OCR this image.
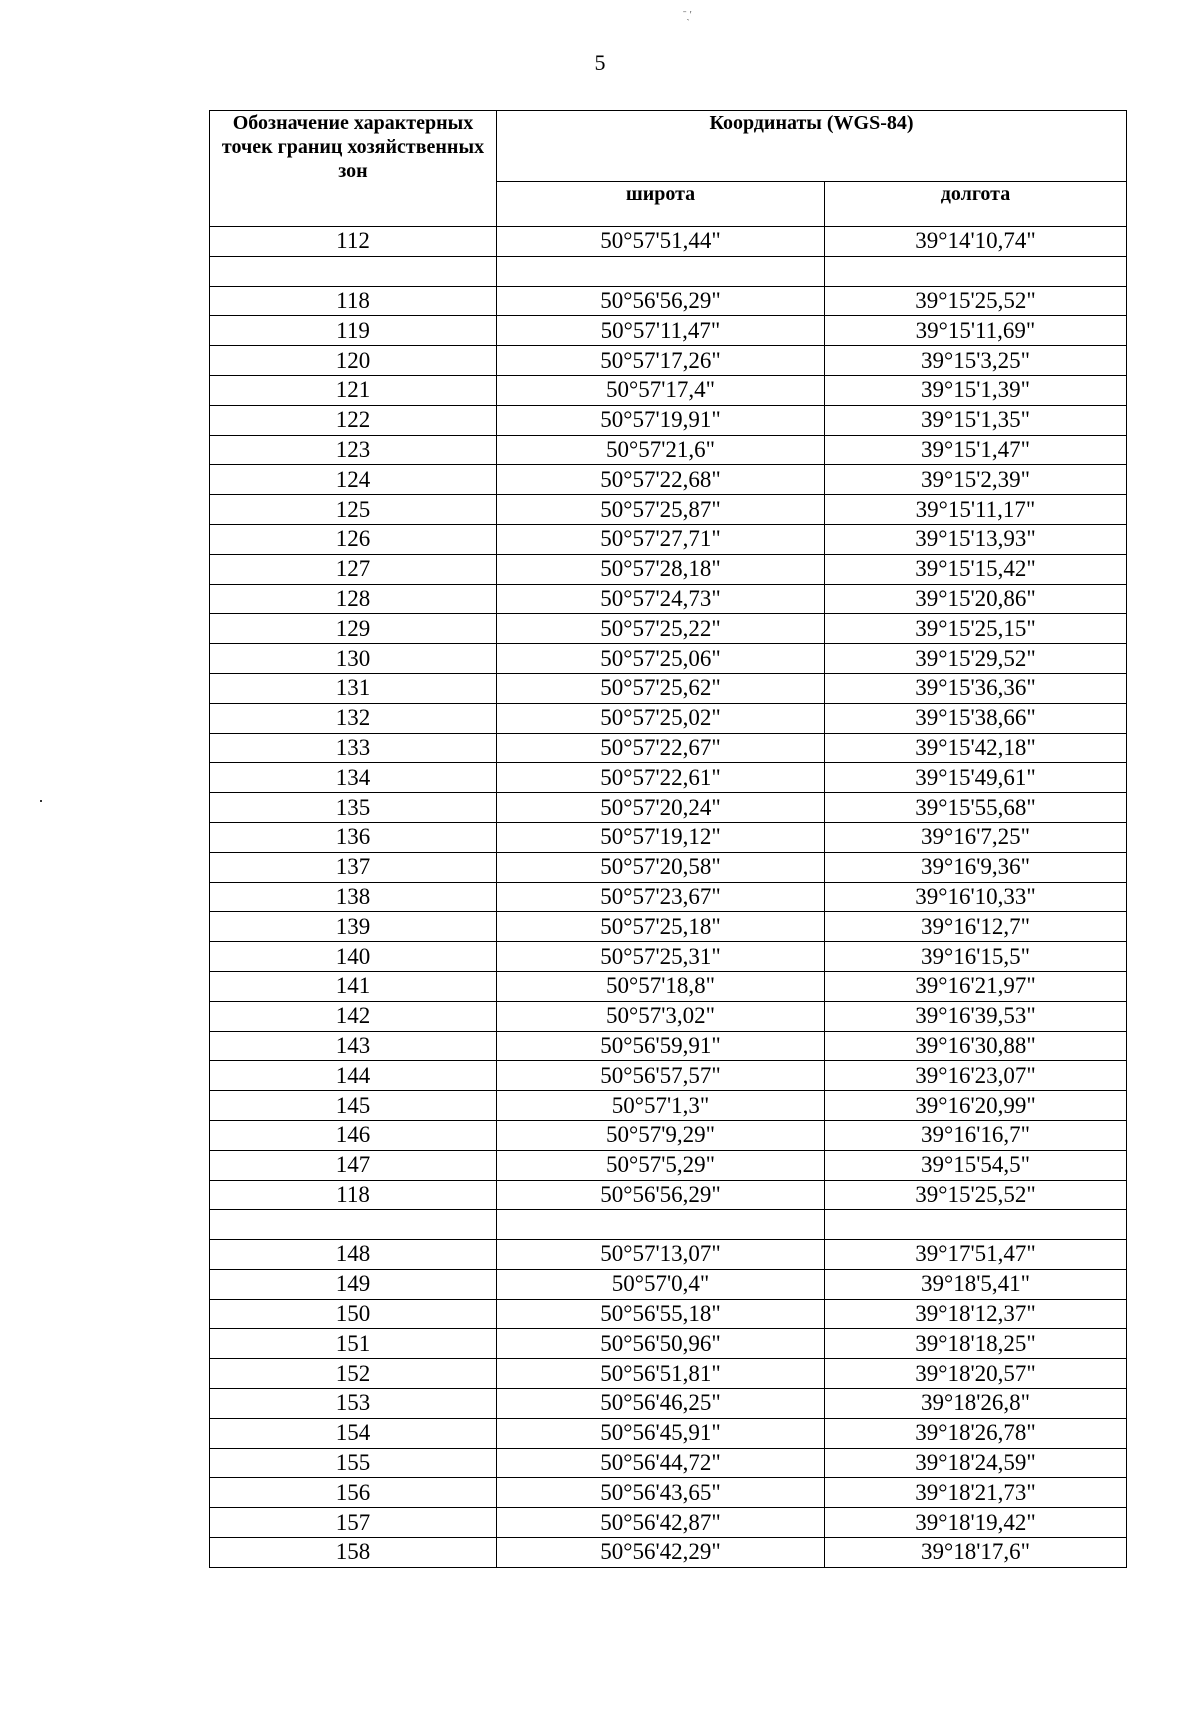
ˉˎ′
5
Обозначение характерных точек границ хозяйственных зон	Координаты (WGS-84)	
	широта	долгота
112	50°57'51,44"	39°14'10,74"

118	50°56'56,29"	39°15'25,52"
119	50°57'11,47"	39°15'11,69"
120	50°57'17,26"	39°15'3,25"
121	50°57'17,4"	39°15'1,39"
122	50°57'19,91"	39°15'1,35"
123	50°57'21,6"	39°15'1,47"
124	50°57'22,68"	39°15'2,39"
125	50°57'25,87"	39°15'11,17"
126	50°57'27,71"	39°15'13,93"
127	50°57'28,18"	39°15'15,42"
128	50°57'24,73"	39°15'20,86"
129	50°57'25,22"	39°15'25,15"
130	50°57'25,06"	39°15'29,52"
131	50°57'25,62"	39°15'36,36"
132	50°57'25,02"	39°15'38,66"
133	50°57'22,67"	39°15'42,18"
134	50°57'22,61"	39°15'49,61"
135	50°57'20,24"	39°15'55,68"
136	50°57'19,12"	39°16'7,25"
137	50°57'20,58"	39°16'9,36"
138	50°57'23,67"	39°16'10,33"
139	50°57'25,18"	39°16'12,7"
140	50°57'25,31"	39°16'15,5"
141	50°57'18,8"	39°16'21,97"
142	50°57'3,02"	39°16'39,53"
143	50°56'59,91"	39°16'30,88"
144	50°56'57,57"	39°16'23,07"
145	50°57'1,3"	39°16'20,99"
146	50°57'9,29"	39°16'16,7"
147	50°57'5,29"	39°15'54,5"
118	50°56'56,29"	39°15'25,52"

148	50°57'13,07"	39°17'51,47"
149	50°57'0,4"	39°18'5,41"
150	50°56'55,18"	39°18'12,37"
151	50°56'50,96"	39°18'18,25"
152	50°56'51,81"	39°18'20,57"
153	50°56'46,25"	39°18'26,8"
154	50°56'45,91"	39°18'26,78"
155	50°56'44,72"	39°18'24,59"
156	50°56'43,65"	39°18'21,73"
157	50°56'42,87"	39°18'19,42"
158	50°56'42,29"	39°18'17,6"
